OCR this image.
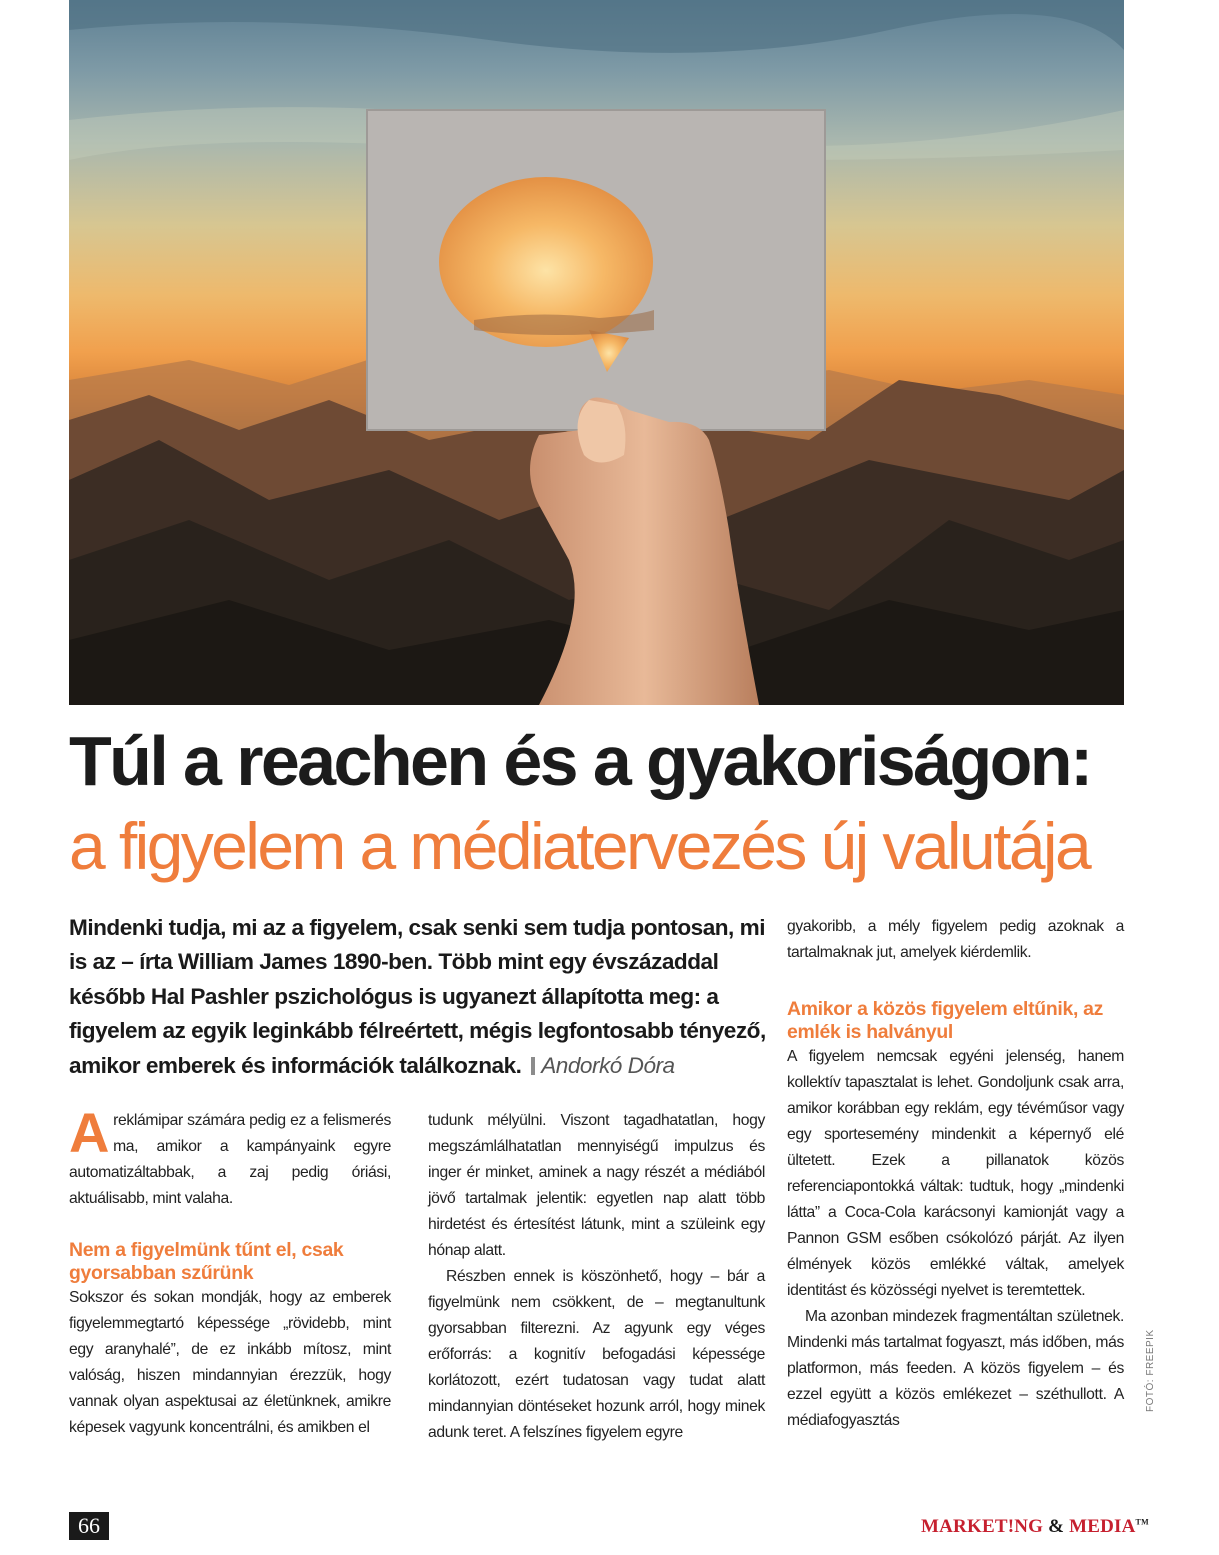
Túl a reachen és a gyakoriságon:
a figyelem a médiatervezés új valutája

Mindenki tudja, mi az a figyelem, csak senki sem tudja pontosan, mi is az – írta William James 1890-ben. Több mint egy évszázaddal később Hal Pashler pszichológus is ugyanezt állapította meg: a figyelem az egyik leginkább félreértett, mégis legfontosabb tényező, amikor emberek és információk találkoznak. Andorkó Dóra

Areklámipar számára pedig ez a felismerés ma, amikor a kampányaink egyre automatizáltabbak, a zaj pedig óriási, aktuálisabb, mint valaha.

Nem a figyelmünk tűnt el, csak gyorsabban szűrünk

Sokszor és sokan mondják, hogy az emberek figyelemmegtartó képessége „rövidebb, mint egy aranyhalé”, de ez inkább mítosz, mint valóság, hiszen mindannyian érezzük, hogy vannak olyan aspektusai az életünknek, amikre képesek vagyunk koncentrálni, és amikben el

tudunk mélyülni. Viszont tagadhatatlan, hogy megszámlálhatatlan mennyiségű impulzus és inger ér minket, aminek a nagy részét a médiából jövő tartalmak jelentik: egyetlen nap alatt több hirdetést és értesítést látunk, mint a szüleink egy hónap alatt.

Részben ennek is köszönhető, hogy – bár a figyelmünk nem csökkent, de – megtanultunk gyorsabban filterezni. Az agyunk egy véges erőforrás: a kognitív befogadási képessége korlátozott, ezért tudatosan vagy tudat alatt mindannyian döntéseket hozunk arról, hogy minek adunk teret. A felszínes figyelem egyre

gyakoribb, a mély figyelem pedig azoknak a tartalmaknak jut, amelyek kiérdemlik.

Amikor a közös figyelem eltűnik, az emlék is halványul

A figyelem nemcsak egyéni jelenség, hanem kollektív tapasztalat is lehet. Gondoljunk csak arra, amikor korábban egy reklám, egy tévéműsor vagy egy sportesemény mindenkit a képernyő elé ültetett. Ezek a pillanatok közös referenciapontokká váltak: tudtuk, hogy „mindenki látta” a Coca-Cola karácsonyi kamionját vagy a Pannon GSM esőben csókolózó párját. Az ilyen élmények közös emlékké váltak, amelyek identitást és közösségi nyelvet is teremtettek.

Ma azonban mindezek fragmentáltan születnek. Mindenki más tartalmat fogyaszt, más időben, más platformon, más feeden. A közös figyelem – és ezzel együtt a közös emlékezet – széthullott. A médiafogyasztás

FOTÓ: FREEPIK
66	MARKET!NG & MEDIA™
